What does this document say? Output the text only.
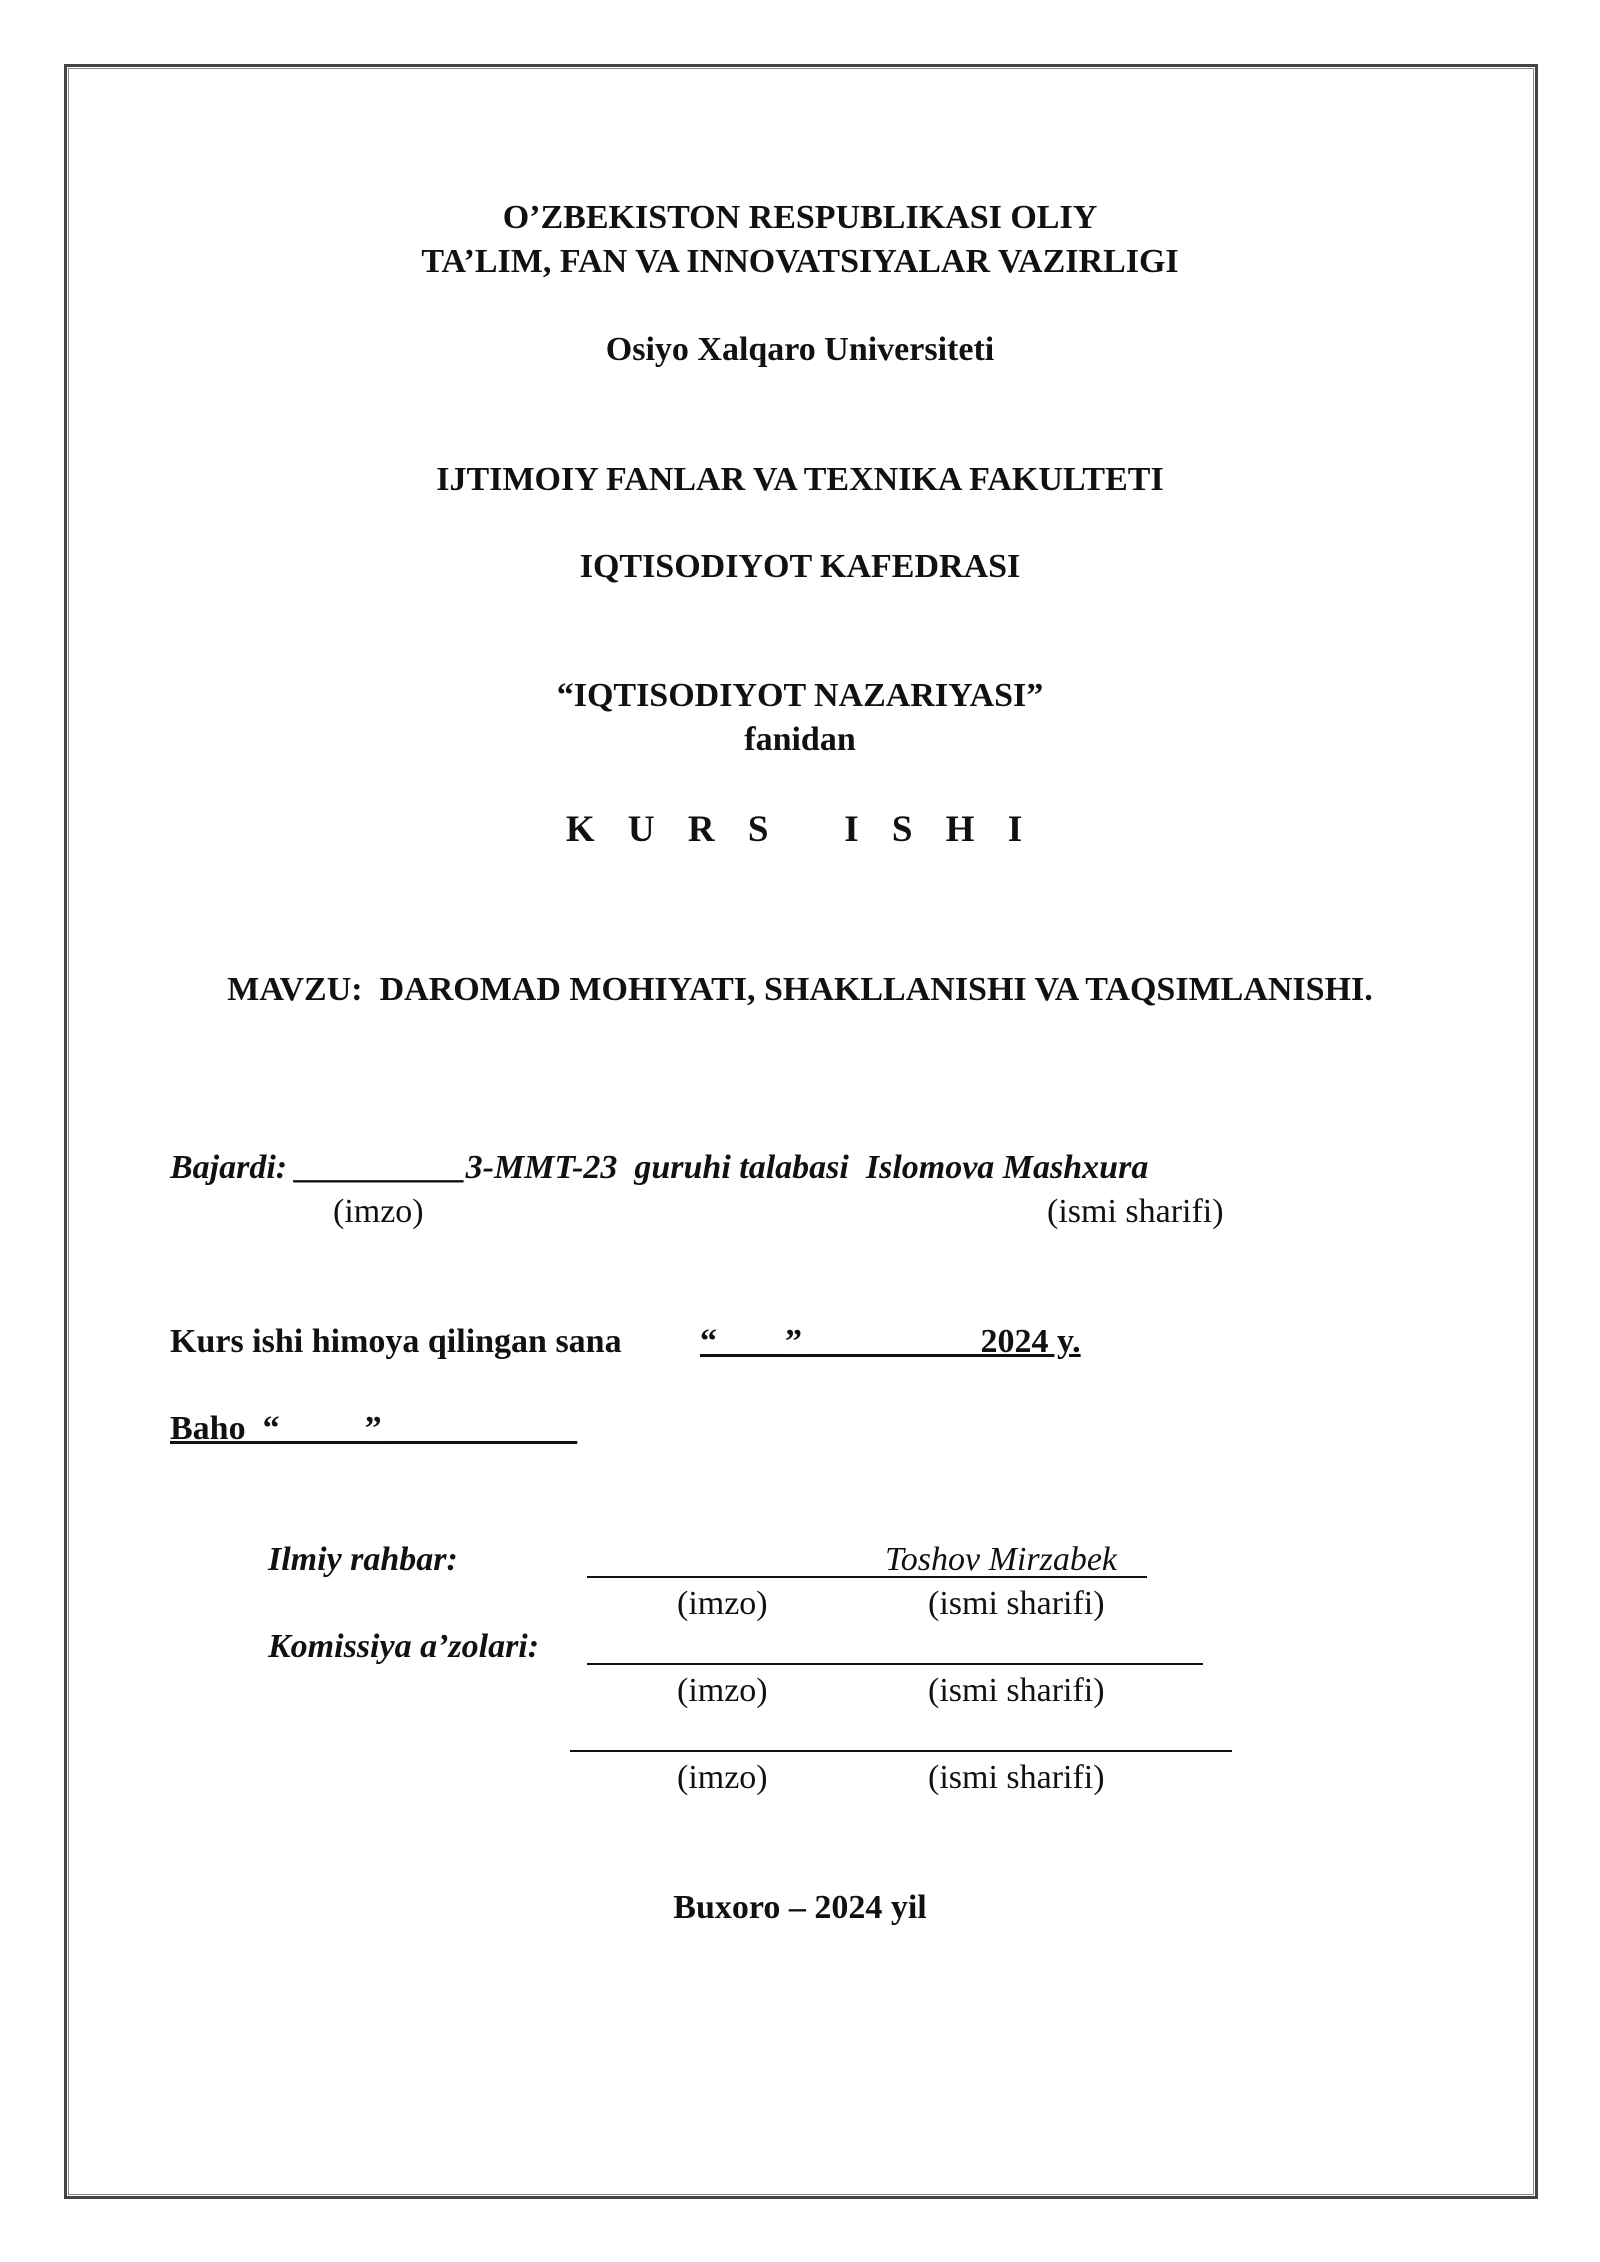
O’ZBEKISTON RESPUBLIKASI OLIY
TA’LIM, FAN VA INNOVATSIYALAR VAZIRLIGI
Osiyo Xalqaro Universiteti
IJTIMOIY FANLAR VA TEXNIKA FAKULTETI
IQTISODIYOT KAFEDRASI
“IQTISODIYOT NAZARIYASI”
fanidan
K U R S   I S H I
MAVZU:  DAROMAD MOHIYATI, SHAKLLANISHI VA TAQSIMLANISHI.
Bajardi: __________3-MMT-23  guruhi talabasi  Islomova Mashxura
(imzo)	(ismi sharifi)
Kurs ishi himoya qilingan sana “____” __________2024 y.
Baho  “_____” ___________
Ilmiy rahbar:	Toshov Mirzabek
(imzo)	(ismi sharifi)
Komissiya a’zolari:
(imzo)	(ismi sharifi)
(imzo)	(ismi sharifi)
Buxoro – 2024 yil
